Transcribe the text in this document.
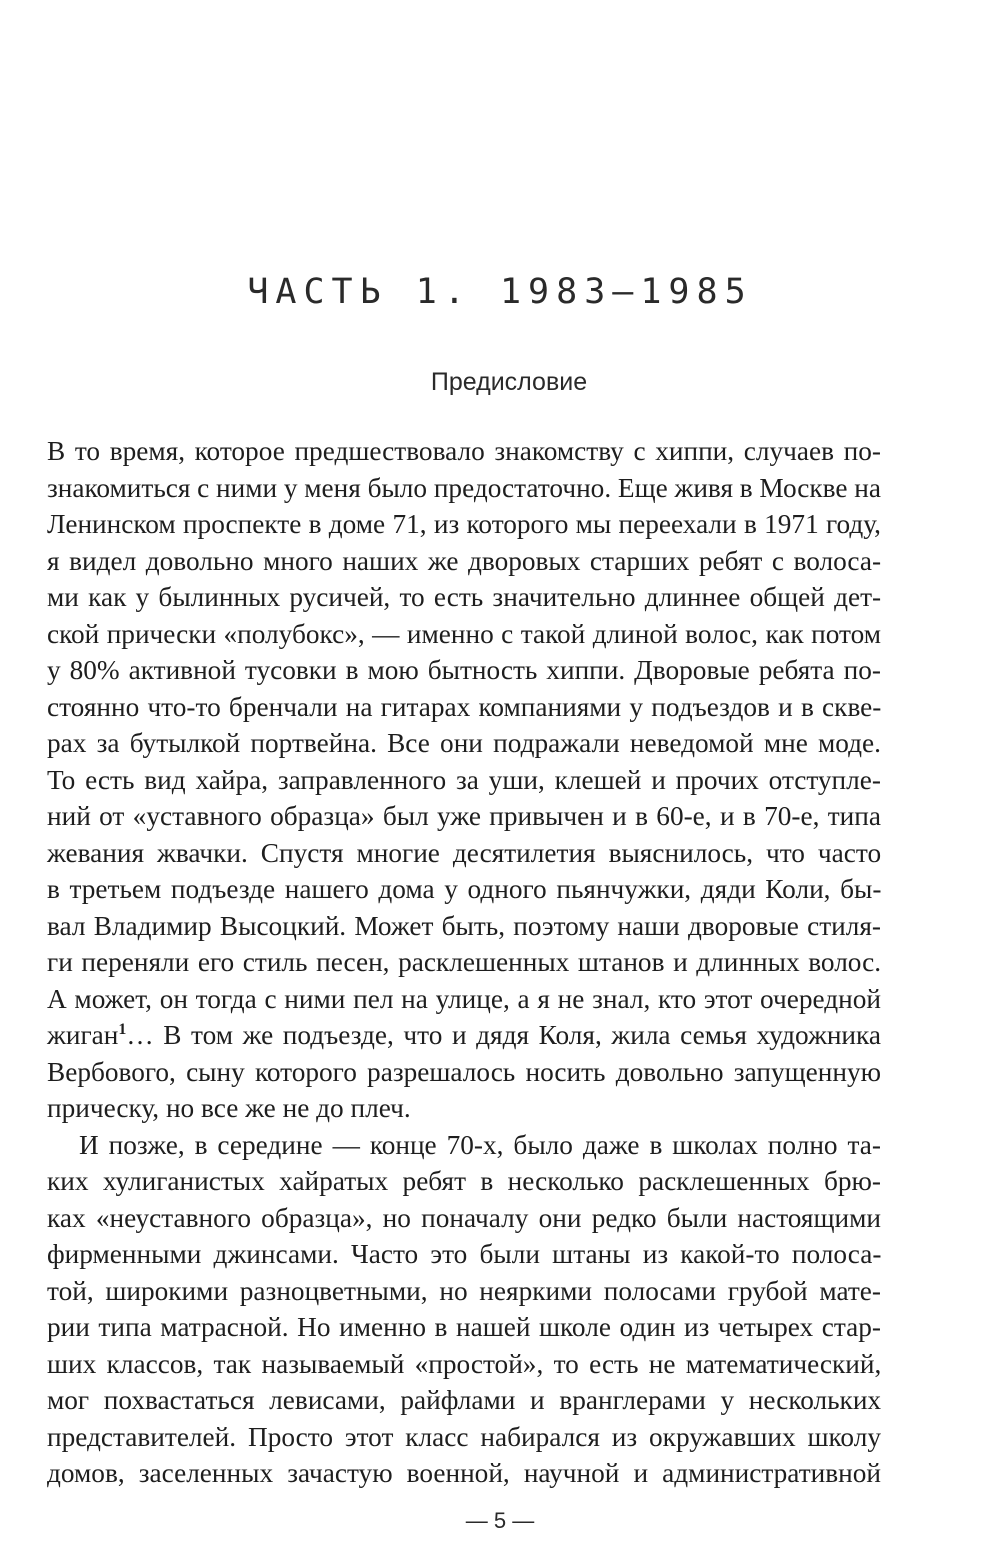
ЧАСТЬ 1. 1983–1985
Предисловие
В то время, которое предшествовало знакомству с хиппи, случаев по-
знакомиться с ними у меня было предостаточно. Еще живя в Москве на
Ленинском проспекте в доме 71, из которого мы переехали в 1971 году,
я видел довольно много наших же дворовых старших ребят с волоса-
ми как у былинных русичей, то есть значительно длиннее общей дет-
ской прически «полубокс», — именно с такой длиной волос, как потом
у 80% активной тусовки в мою бытность хиппи. Дворовые ребята по-
стоянно что-то бренчали на гитарах компаниями у подъездов и в скве-
рах за бутылкой портвейна. Все они подражали неведомой мне моде.
То есть вид хайра, заправленного за уши, клешей и прочих отступле-
ний от «уставного образца» был уже привычен и в 60-е, и в 70-е, типа
жевания жвачки. Спустя многие десятилетия выяснилось, что часто
в третьем подъезде нашего дома у одного пьянчужки, дяди Коли, бы-
вал Владимир Высоцкий. Может быть, поэтому наши дворовые стиля-
ги переняли его стиль песен, расклешенных штанов и длинных волос.
А может, он тогда с ними пел на улице, а я не знал, кто этот очередной
жиган$^1$… В том же подъезде, что и дядя Коля, жила семья художника
Вербового, сыну которого разрешалось носить довольно запущенную
прическу, но все же не до плеч.
И позже, в середине — конце 70-х, было даже в школах полно та-
ких хулиганистых хайратых ребят в несколько расклешенных брю-
ках «неуставного образца», но поначалу они редко были настоящими
фирменными джинсами. Часто это были штаны из какой-то полоса-
той, широкими разноцветными, но неяркими полосами грубой мате-
рии типа матрасной. Но именно в нашей школе один из четырех стар-
ших классов, так называемый «простой», то есть не математический,
мог похвастаться левисами, райфлами и вранглерами у нескольких
представителей. Просто этот класс набирался из окружавших школу
домов, заселенных зачастую военной, научной и административной
— 5 —
